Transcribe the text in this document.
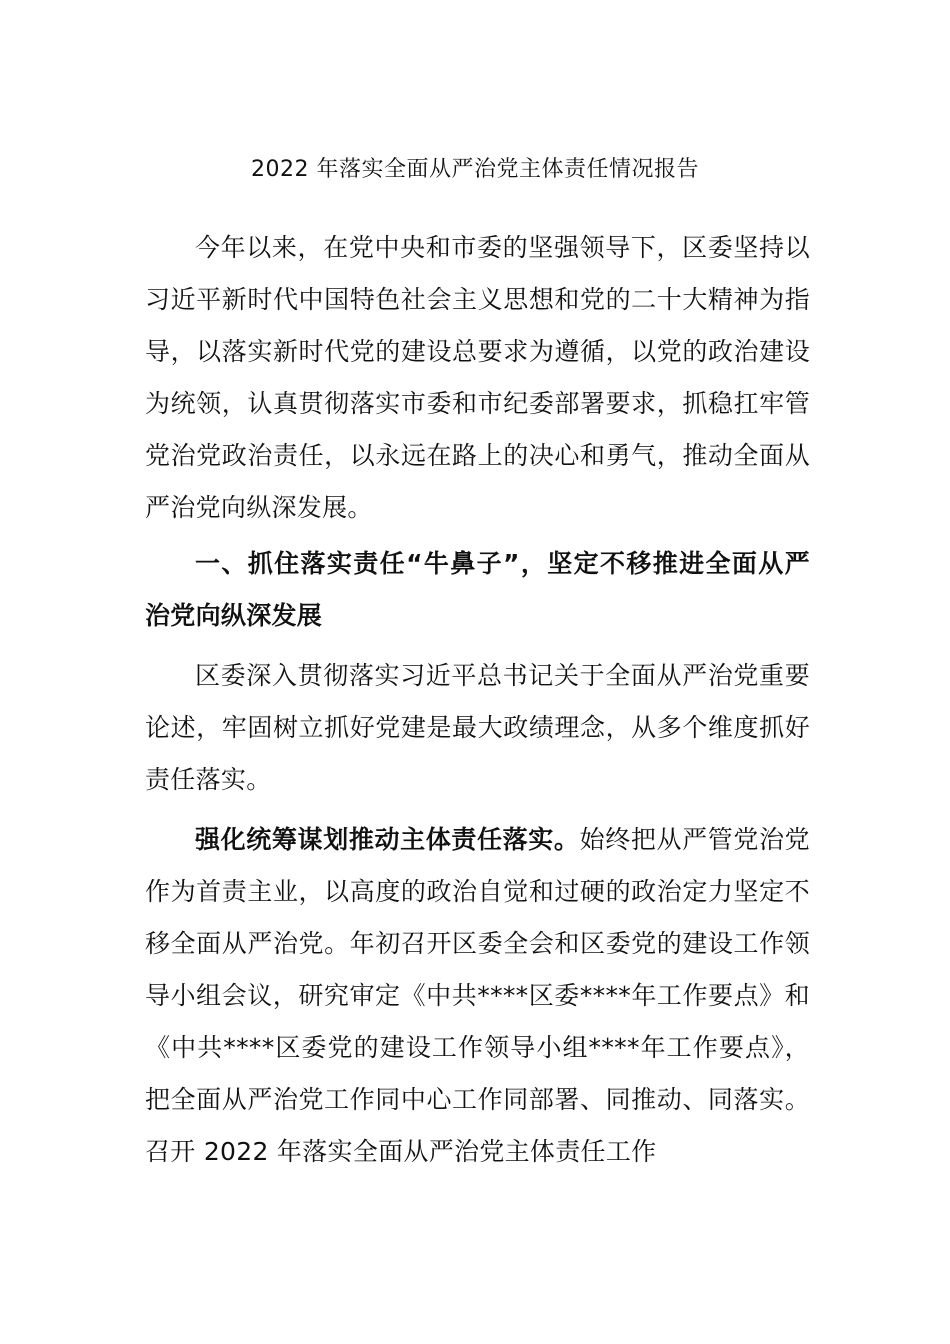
2022 年落实全面从严治党主体责任情况报告

今年以来，在党中央和市委的坚强领导下，区委坚持以习近平新时代中国特色社会主义思想和党的二十大精神为指导，以落实新时代党的建设总要求为遵循，以党的政治建设为统领，认真贯彻落实市委和市纪委部署要求，抓稳扛牢管党治党政治责任，以永远在路上的决心和勇气，推动全面从严治党向纵深发展。

一、抓住落实责任“牛鼻子”，坚定不移推进全面从严治党向纵深发展

区委深入贯彻落实习近平总书记关于全面从严治党重要论述，牢固树立抓好党建是最大政绩理念，从多个维度抓好责任落实。

强化统筹谋划推动主体责任落实。始终把从严管党治党作为首责主业，以高度的政治自觉和过硬的政治定力坚定不移全面从严治党。年初召开区委全会和区委党的建设工作领导小组会议，研究审定《中共****区委****年工作要点》和《中共****区委党的建设工作领导小组****年工作要点》，把全面从严治党工作同中心工作同部署、同推动、同落实。召开 2022 年落实全面从严治党主体责任工作
